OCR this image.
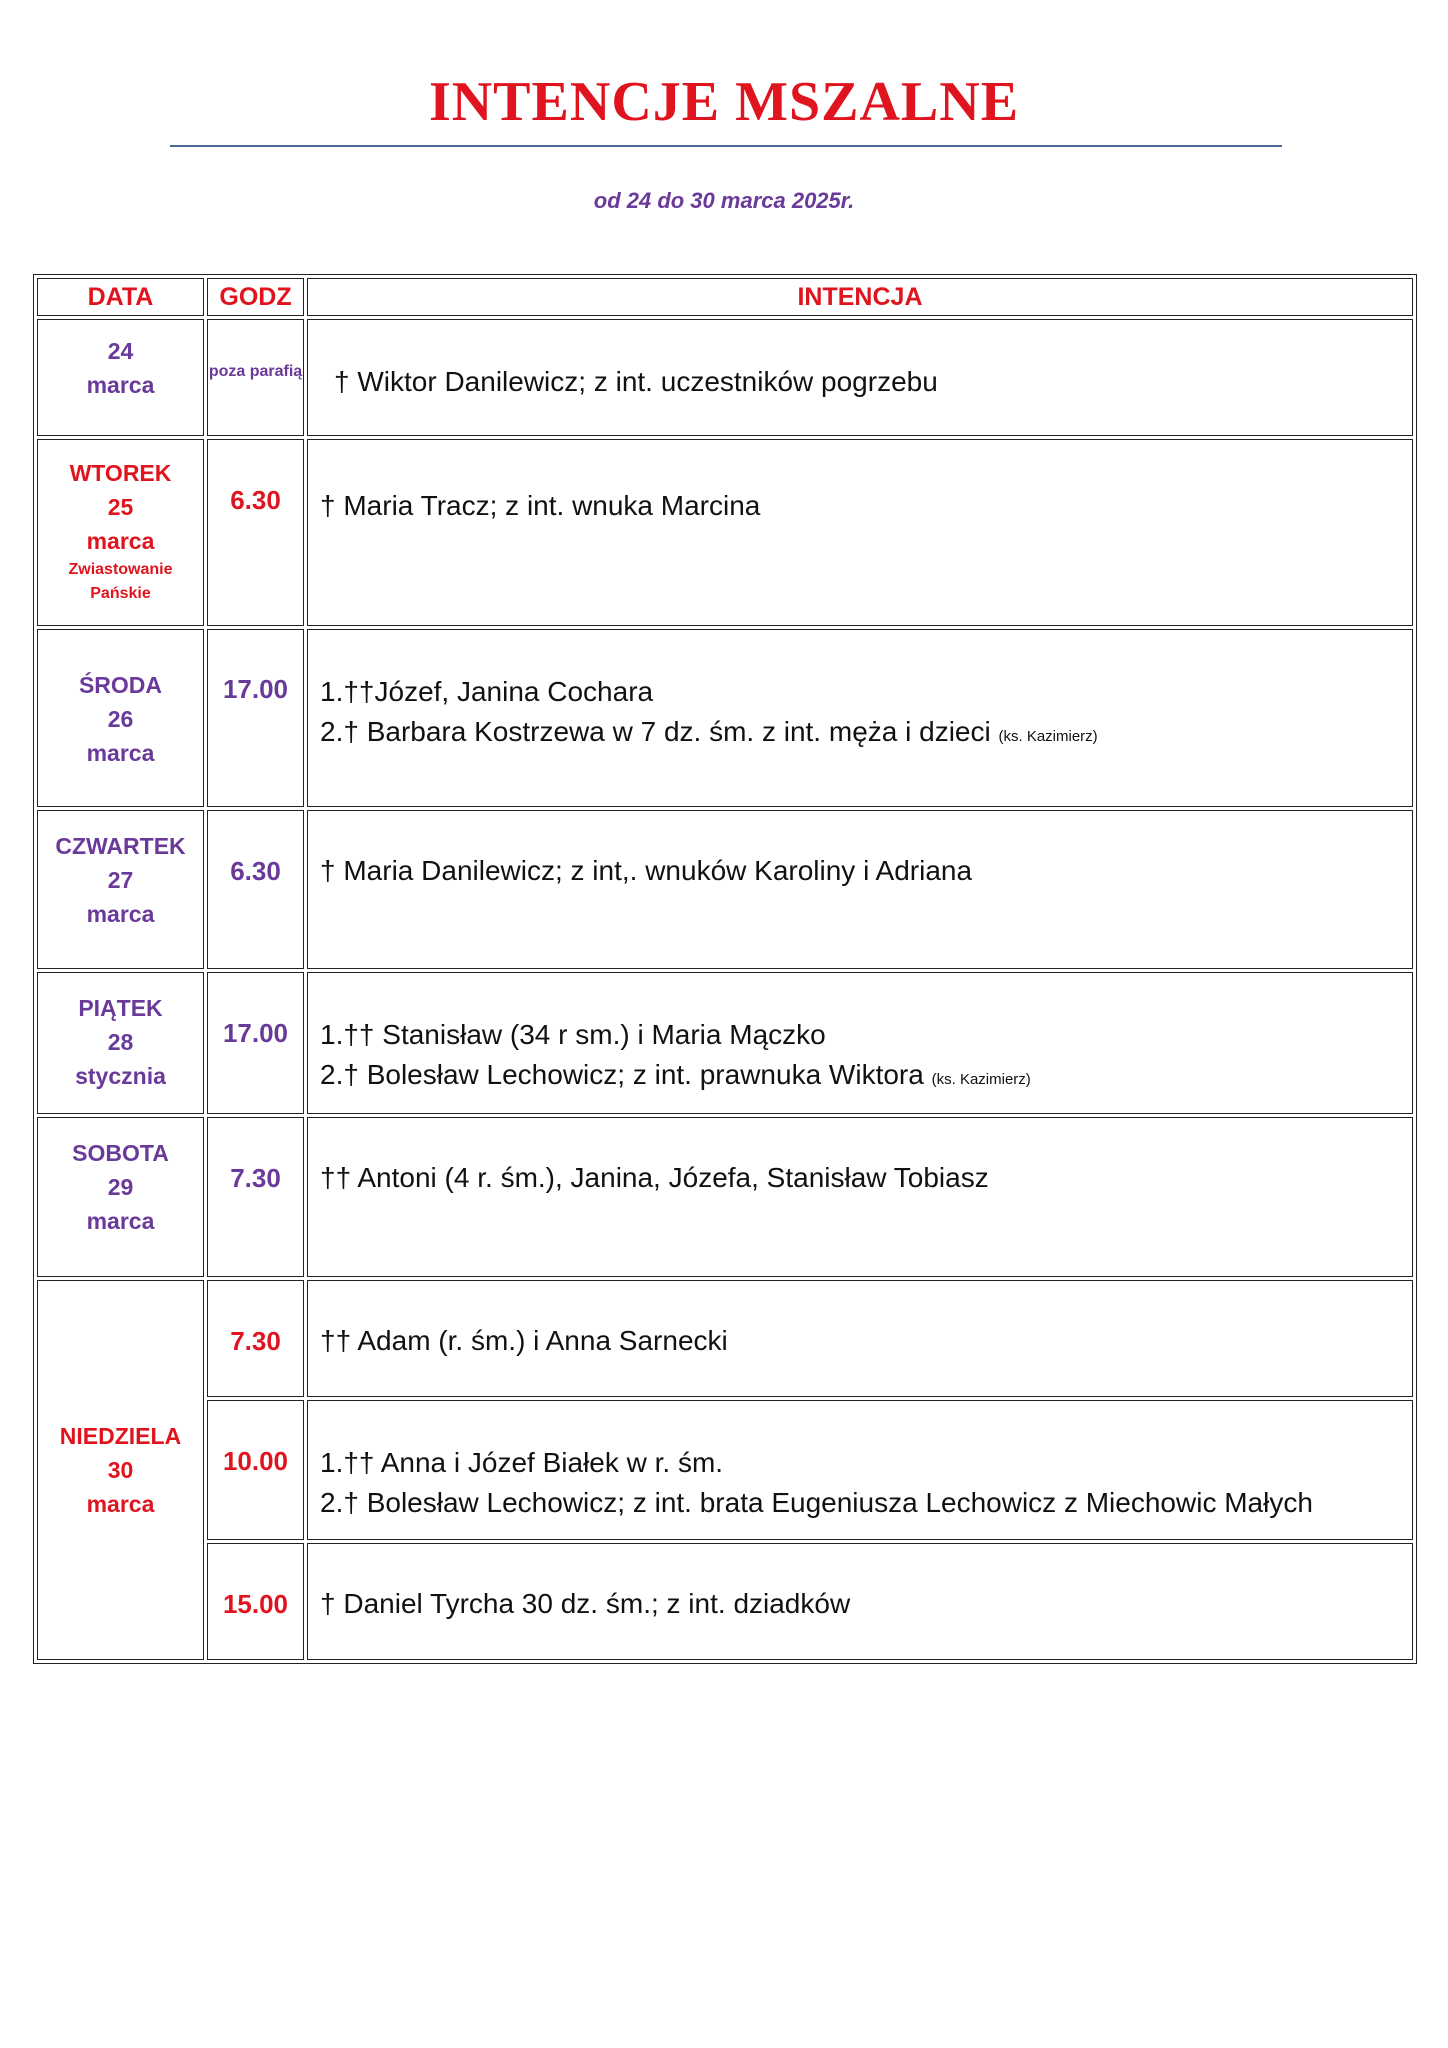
INTENCJE MSZALNE
od 24 do 30 marca 2025r.
DATA	GODZ	INTENCJA

24
marca	poza parafią	† Wiktor Danilewicz; z int. uczestników pogrzebu

WTOREK
25
marca
Zwiastowanie Pańskie	6.30	† Maria Tracz; z int. wnuka Marcina

ŚRODA
26
marca	17.00	1.††Józef, Janina Cochara
2.† Barbara Kostrzewa w 7 dz. śm. z int. męża i dzieci (ks. Kazimierz)

CZWARTEK
27
marca	6.30	† Maria Danilewicz; z int,. wnuków Karoliny i Adriana

PIĄTEK
28
stycznia	17.00	1.†† Stanisław (34 r sm.) i Maria Mączko
2.† Bolesław Lechowicz; z int. prawnuka Wiktora (ks. Kazimierz)

SOBOTA
29
marca	7.30	†† Antoni (4 r. śm.), Janina, Józefa, Stanisław Tobiasz

NIEDZIELA
30
marca	7.30	†† Adam (r. śm.) i Anna Sarnecki

	10.00	1.†† Anna i Józef Białek w r. śm.
2.† Bolesław Lechowicz; z int. brata Eugeniusza Lechowicz z Miechowic Małych

	15.00	† Daniel Tyrcha 30 dz. śm.; z int. dziadków
